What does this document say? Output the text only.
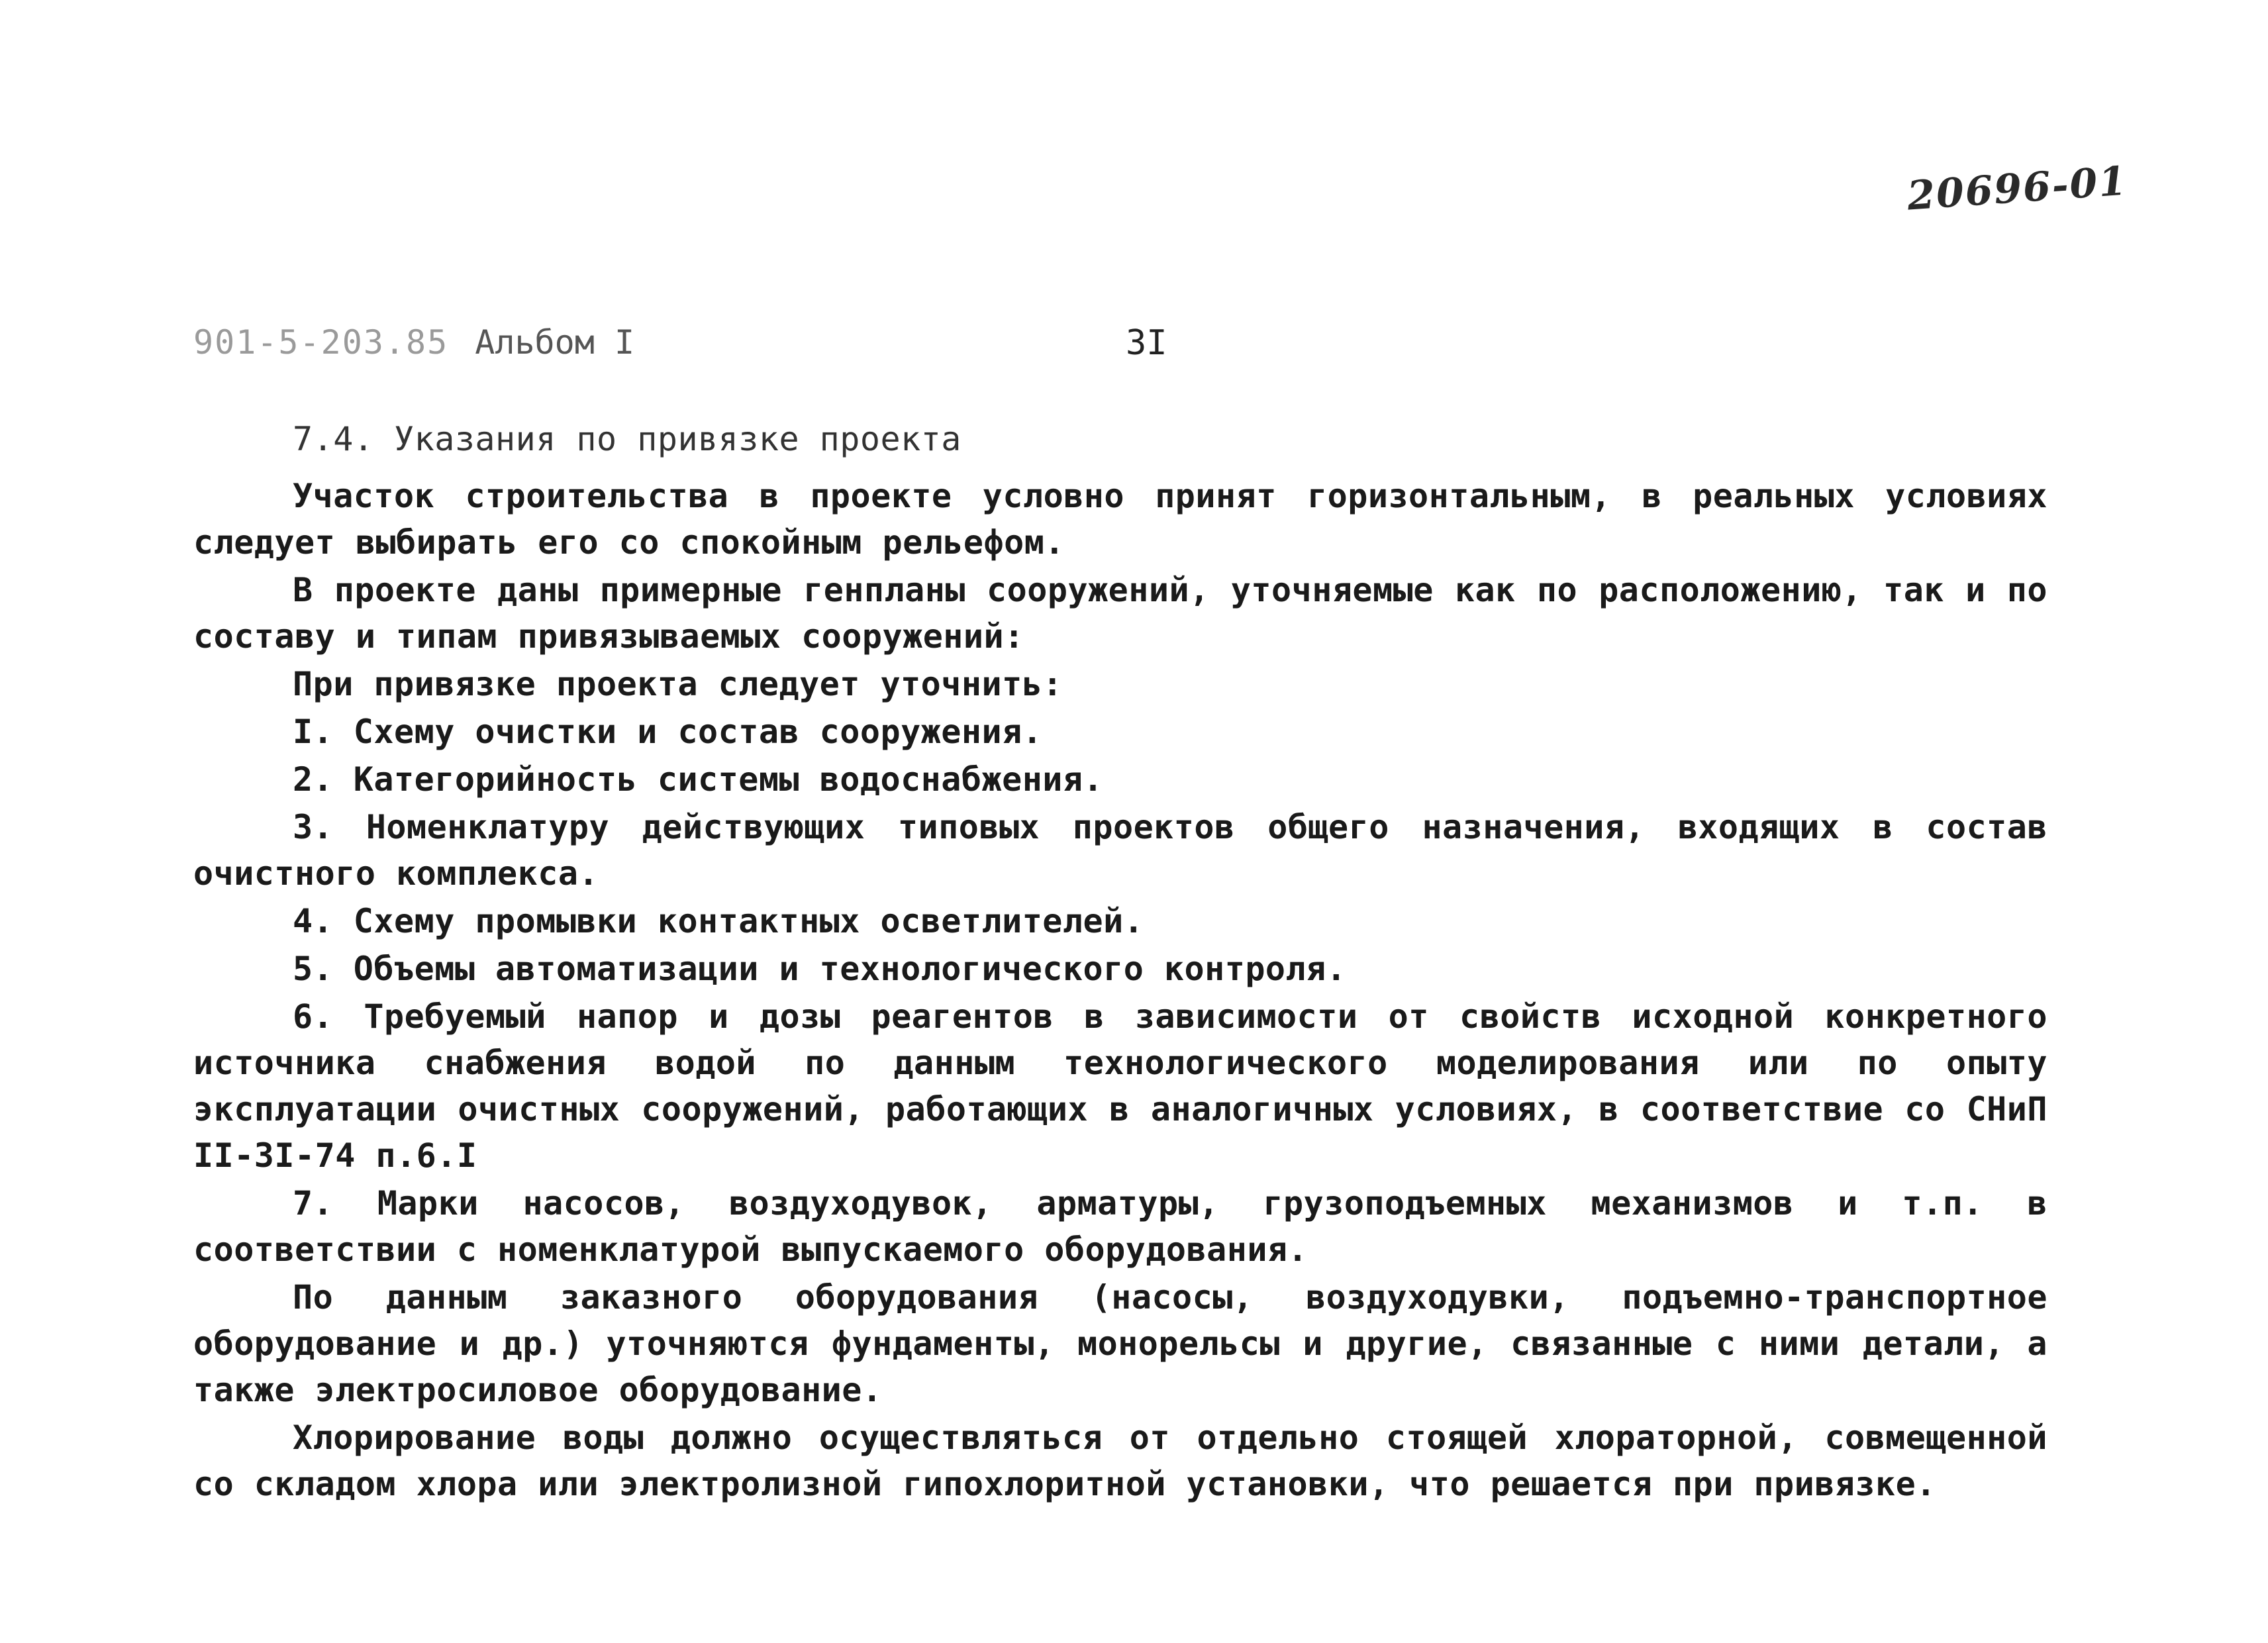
20696-01
901-5-203.85 Альбом I	3I
7.4. Указания по привязке проекта

Участок строительства в проекте условно принят горизонтальным, в реальных условиях следует выбирать его со спокойным рельефом.

В проекте даны примерные генпланы сооружений, уточняемые как по расположению, так и по составу и типам привязываемых сооружений:

При привязке проекта следует уточнить:

I. Схему очистки и состав сооружения.

2. Категорийность системы водоснабжения.

3. Номенклатуру действующих типовых проектов общего назначения, входящих в состав очистного комплекса.

4. Схему промывки контактных осветлителей.

5. Объемы автоматизации и технологического контроля.

6. Требуемый напор и дозы реагентов в зависимости от свойств исходной конкретного источника снабжения водой по данным технологического моделирования или по опыту эксплуатации очистных сооружений, работающих в аналогичных условиях, в соответствие со СНиП II-3I-74 п.6.I

7. Марки насосов, воздуходувок, арматуры, грузоподъемных механизмов и т.п. в соответствии с номенклатурой выпускаемого оборудования.

По данным заказного оборудования (насосы, воздуходувки, подъемно-транспортное оборудование и др.) уточняются фундаменты, монорельсы и другие, связанные с ними детали, а также электросиловое оборудование.

Хлорирование воды должно осуществляться от отдельно стоящей хлораторной, совмещенной со складом хлора или электролизной гипохлоритной установки, что решается при привязке.
